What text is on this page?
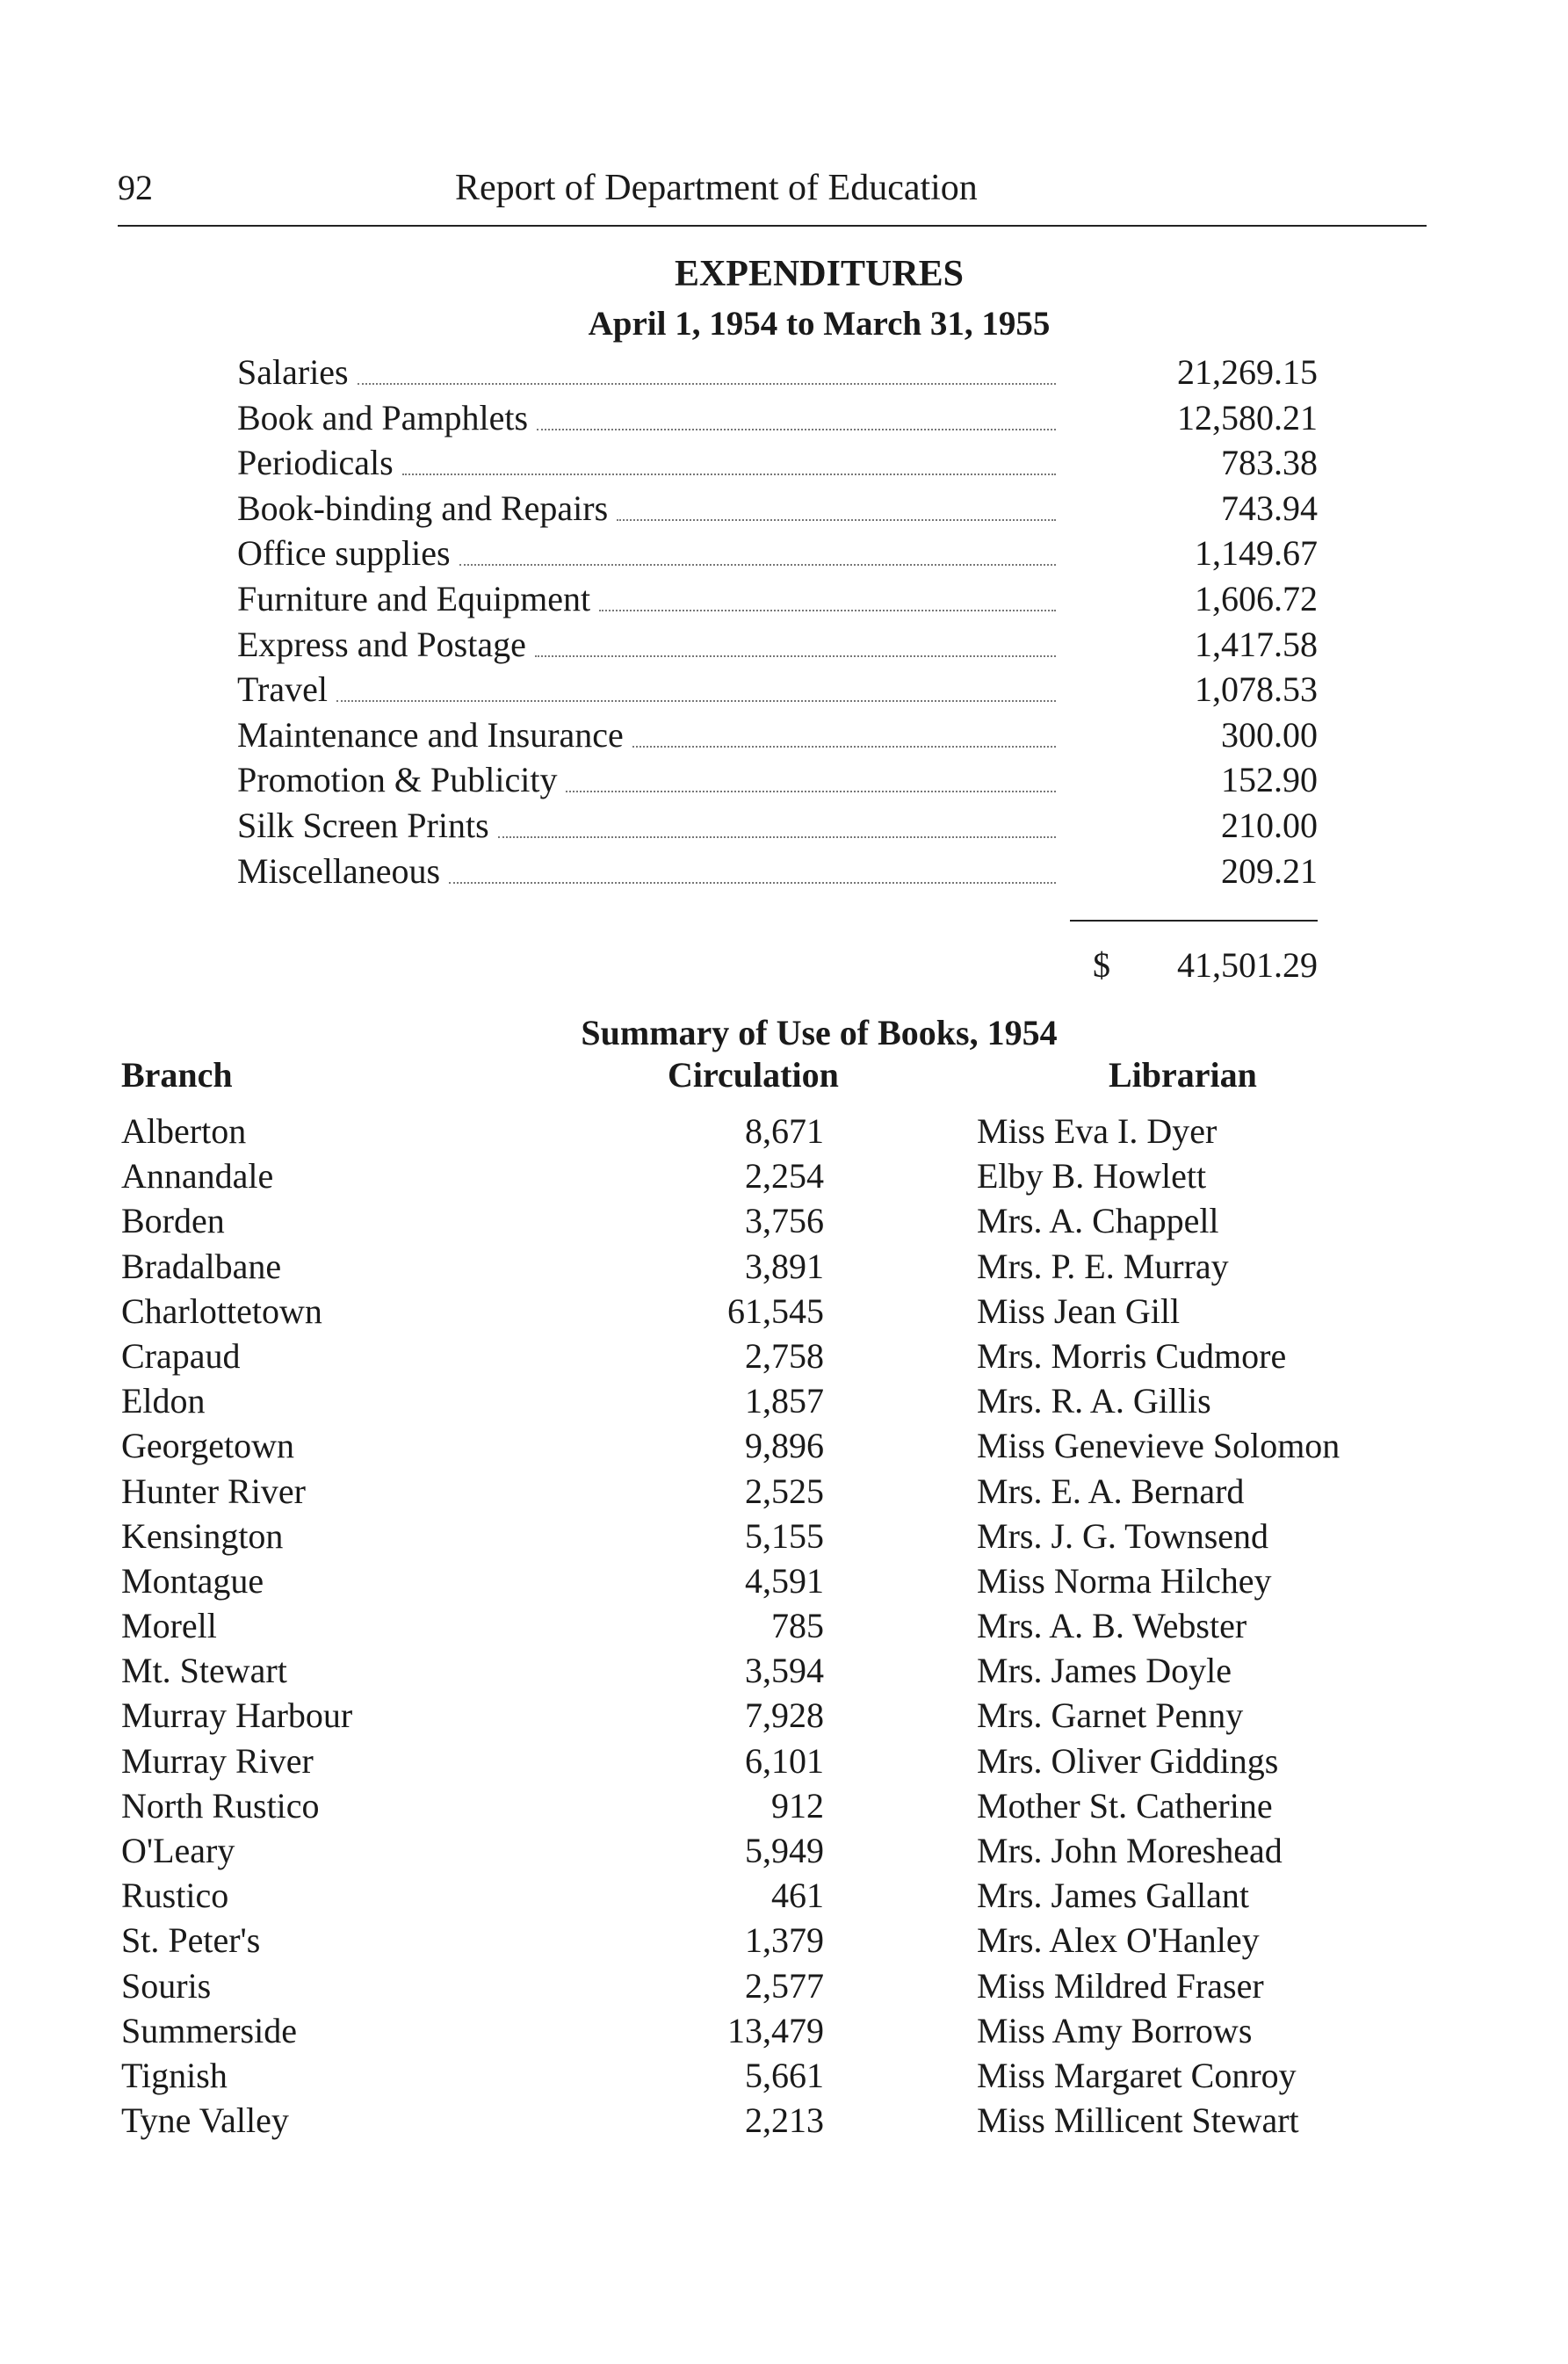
92	Report of Department of Education
EXPENDITURES
April 1, 1954 to March 31, 1955
Salaries	21,269.15
Book and Pamphlets	12,580.21
Periodicals	783.38
Book-binding and Repairs	743.94
Office supplies	1,149.67
Furniture and Equipment	1,606.72
Express and Postage	1,417.58
Travel	1,078.53
Maintenance and Insurance	300.00
Promotion & Publicity	152.90
Silk Screen Prints	210.00
Miscellaneous	209.21
$ 41,501.29
Summary of Use of Books, 1954
Branch	Circulation	Librarian
Alberton	8,671	Miss Eva I. Dyer
Annandale	2,254	Elby B. Howlett
Borden	3,756	Mrs. A. Chappell
Bradalbane	3,891	Mrs. P. E. Murray
Charlottetown	61,545	Miss Jean Gill
Crapaud	2,758	Mrs. Morris Cudmore
Eldon	1,857	Mrs. R. A. Gillis
Georgetown	9,896	Miss Genevieve Solomon
Hunter River	2,525	Mrs. E. A. Bernard
Kensington	5,155	Mrs. J. G. Townsend
Montague	4,591	Miss Norma Hilchey
Morell	785	Mrs. A. B. Webster
Mt. Stewart	3,594	Mrs. James Doyle
Murray Harbour	7,928	Mrs. Garnet Penny
Murray River	6,101	Mrs. Oliver Giddings
North Rustico	912	Mother St. Catherine
O'Leary	5,949	Mrs. John Moreshead
Rustico	461	Mrs. James Gallant
St. Peter's	1,379	Mrs. Alex O'Hanley
Souris	2,577	Miss Mildred Fraser
Summerside	13,479	Miss Amy Borrows
Tignish	5,661	Miss Margaret Conroy
Tyne Valley	2,213	Miss Millicent Stewart
